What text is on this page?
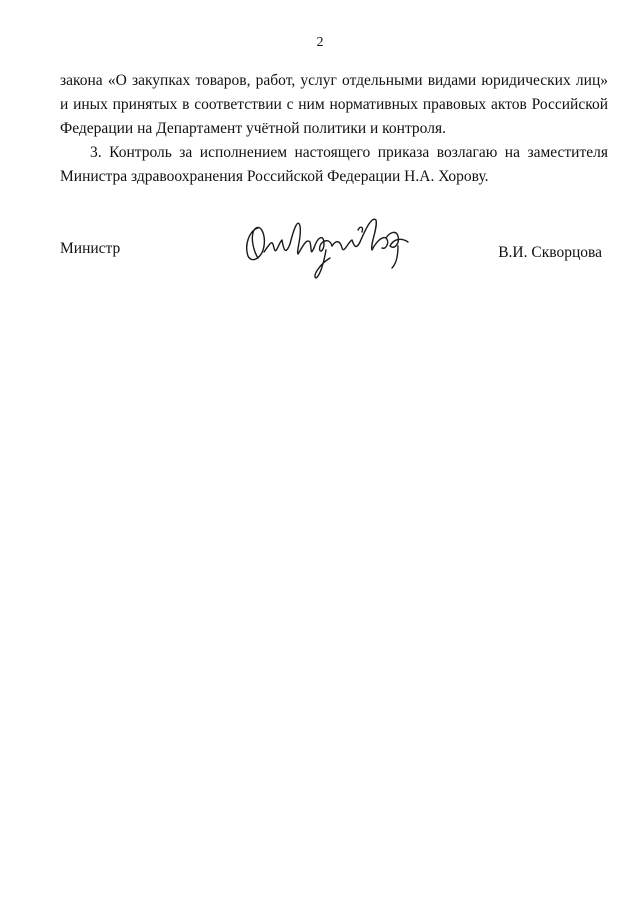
2

закона «О закупках товаров, работ, услуг отдельными видами юридических лиц»
и иных принятых в соответствии с ним нормативных правовых актов Российской
Федерации на Департамент учётной политики и контроля.

3. Контроль за исполнением настоящего приказа возлагаю на заместителя
Министра здравоохранения Российской Федерации Н.А. Хорову.

Министр	В.И. Скворцова
